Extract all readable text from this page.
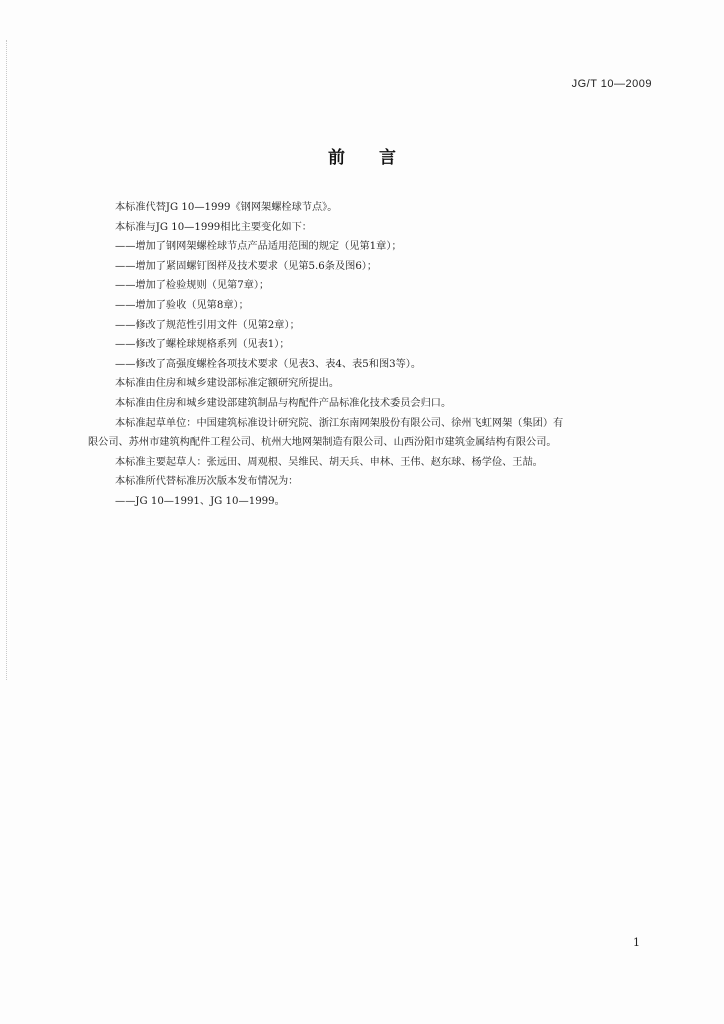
JG/T 10—2009
前言
本标准代替JG 10—1999《钢网架螺栓球节点》。
本标准与JG 10—1999相比主要变化如下：
——增加了钢网架螺栓球节点产品适用范围的规定（见第1章）；
——增加了紧固螺钉图样及技术要求（见第5.6条及图6）；
——增加了检验规则（见第7章）；
——增加了验收（见第8章）；
——修改了规范性引用文件（见第2章）；
——修改了螺栓球规格系列（见表1）；
——修改了高强度螺栓各项技术要求（见表3、表4、表5和图3等）。
本标准由住房和城乡建设部标准定额研究所提出。
本标准由住房和城乡建设部建筑制品与构配件产品标准化技术委员会归口。
本标准起草单位：中国建筑标准设计研究院、浙江东南网架股份有限公司、徐州飞虹网架（集团）有
限公司、苏州市建筑构配件工程公司、杭州大地网架制造有限公司、山西汾阳市建筑金属结构有限公司。
本标准主要起草人：张远田、周观根、吴维民、胡天兵、申林、王伟、赵东球、杨学俭、王喆。
本标准所代替标准历次版本发布情况为：
——JG 10—1991、JG 10—1999。
1
